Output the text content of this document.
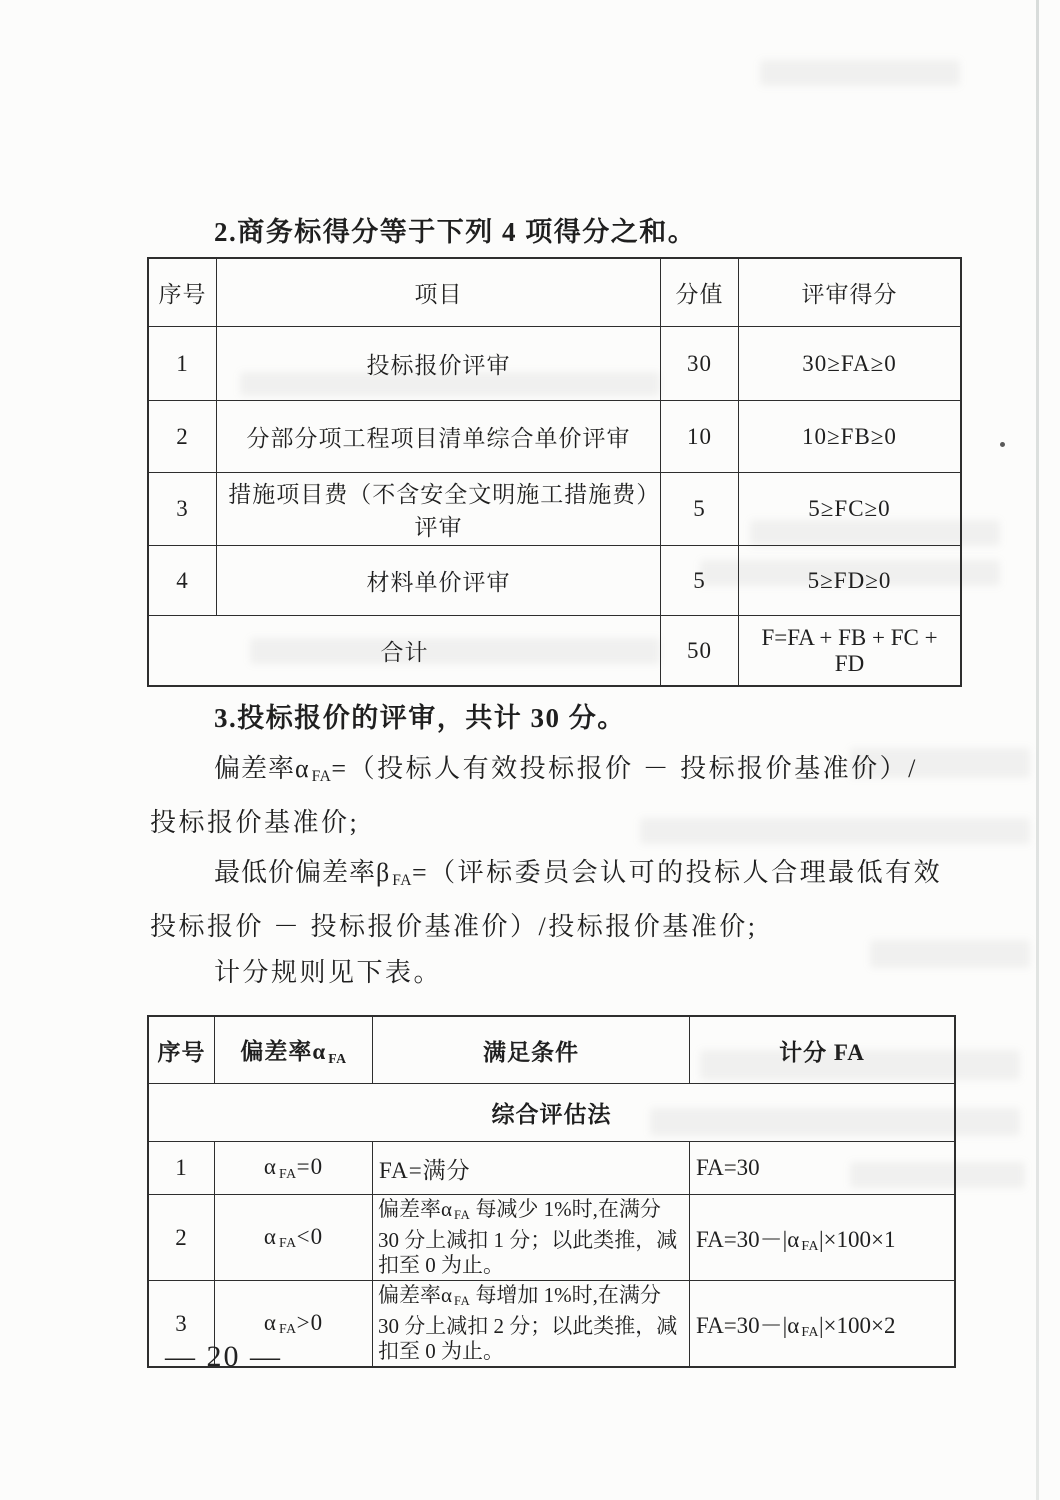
2.商务标得分等于下列 4 项得分之和。
序号	项目	分值	评审得分
1	投标报价评审	30	30≥FA≥0
2	分部分项工程项目清单综合单价评审	10	10≥FB≥0
3	措施项目费（不含安全文明施工措施费）评审	5	5≥FC≥0
4	材料单价评审	5	5≥FD≥0
合计		50	F=FA + FB + FC + FD
3.投标报价的评审，共计 30 分。
偏差率α $_{FA}$=（投标人有效投标报价 － 投标报价基准价）/
投标报价基准价;
最低价偏差率β $_{FA}$=（评标委员会认可的投标人合理最低有效
投标报价 － 投标报价基准价）/投标报价基准价;
计分规则见下表。
序号	偏差率α $_{FA}$	满足条件	计分 FA
综合评估法			
1	α $_{FA}$=0	FA=满分	FA=30
2	α $_{FA}$<0	偏差率α $_{FA}$ 每减少 1%时,在满分 30 分上减扣 1 分；以此类推，减扣至 0 为止。	FA=30－|α $_{FA}$|×100×1
3	α $_{FA}$>0	偏差率α $_{FA}$ 每增加 1%时,在满分 30 分上减扣 2 分；以此类推，减扣至 0 为止。	FA=30－|α $_{FA}$|×100×2
— 20 —
